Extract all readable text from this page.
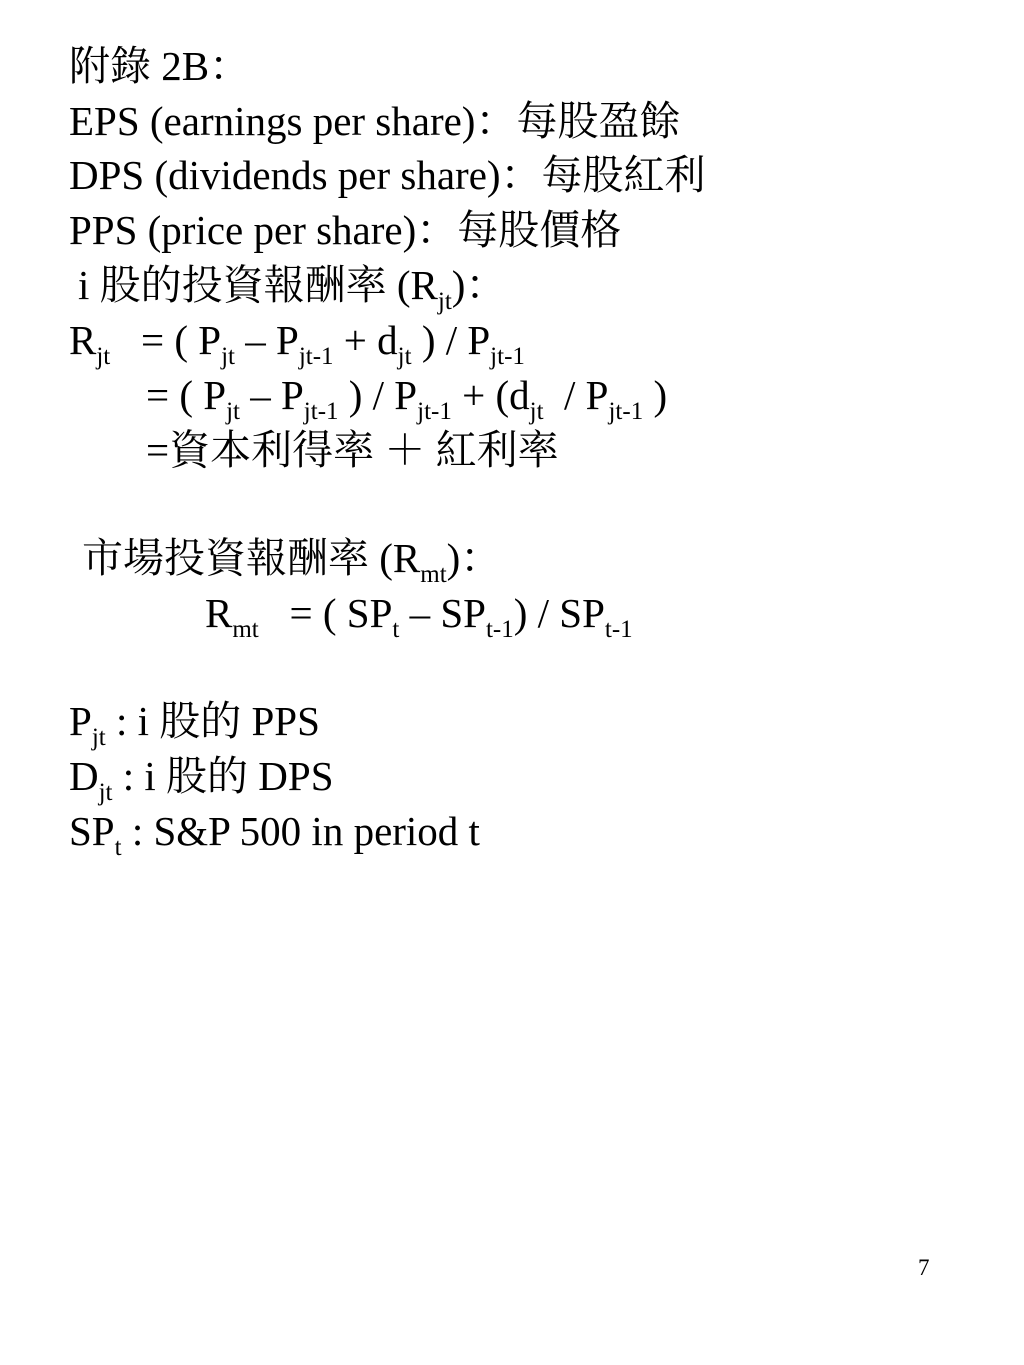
附錄 2B：
EPS (earnings per share)：每股盈餘
DPS (dividends per share)：每股紅利
PPS (price per share)：每股價格
i 股的投資報酬率 $(R_{jt})$：
$R_{jt}$   = ( $P_{jt} - P_{jt-1} + d_{jt}$ ) / $P_{jt-1}$
= ( $P_{jt} - P_{jt-1}$ ) / $P_{jt-1} + (d_{jt} / P_{jt-1}$ )
=資本利得率 ＋ 紅利率
市場投資報酬率 $(R_{mt})$：
$R_{mt}$   = ( $SP_t - SP_{t-1}) / SP_{t-1}$
$P_{jt}$ : i 股的 PPS
$D_{jt}$ : i 股的 DPS
$SP_t$ : S&P 500 in period t
7
